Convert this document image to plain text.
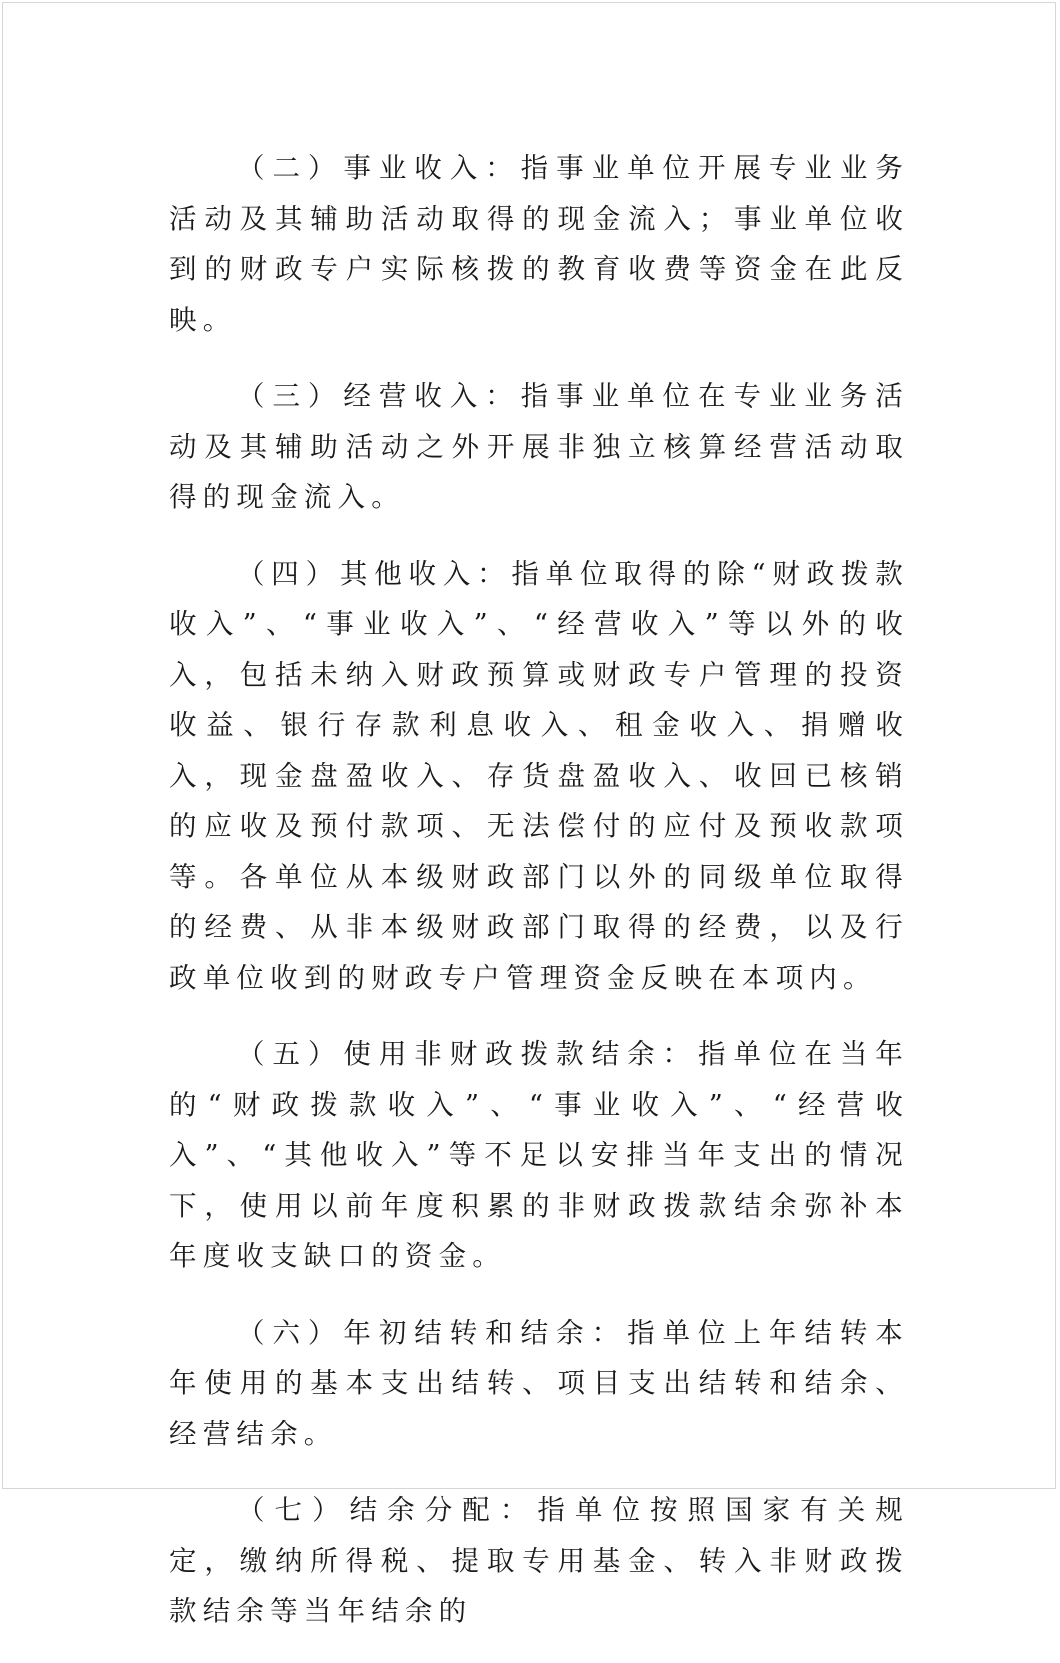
（二）事业收入：指事业单位开展专业业务活动及其辅助活动取得的现金流入；事业单位收到的财政专户实际核拨的教育收费等资金在此反映。

（三）经营收入：指事业单位在专业业务活动及其辅助活动之外开展非独立核算经营活动取得的现金流入。

（四）其他收入：指单位取得的除“财政拨款收入”、“事业收入”、“经营收入”等以外的收入，包括未纳入财政预算或财政专户管理的投资收益、银行存款利息收入、租金收入、捐赠收入，现金盘盈收入、存货盘盈收入、收回已核销的应收及预付款项、无法偿付的应付及预收款项等。各单位从本级财政部门以外的同级单位取得的经费、从非本级财政部门取得的经费，以及行政单位收到的财政专户管理资金反映在本项内。

（五）使用非财政拨款结余：指单位在当年的“财政拨款收入”、“事业收入”、“经营收入”、“其他收入”等不足以安排当年支出的情况下，使用以前年度积累的非财政拨款结余弥补本年度收支缺口的资金。

（六）年初结转和结余：指单位上年结转本年使用的基本支出结转、项目支出结转和结余、经营结余。

（七）结余分配：指单位按照国家有关规定，缴纳所得税、提取专用基金、转入非财政拨款结余等当年结余的
